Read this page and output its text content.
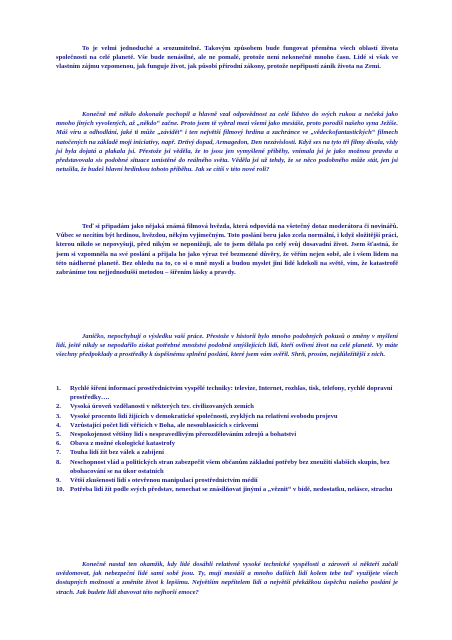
To je velmi jednoduché a srozumitelné. Takovým způsobem bude fungovat přeměna všech oblastí života společnosti na celé planetě. Vše bude nenásilné, ale ne pomalé, protože není nekonečně mnoho času. Lidé si však ve vlastním zájmu vzpomenou, jak funguje život, jak působí přírodní zákony, protože nepřipustí zánik života na Zemi.

Konečně mě někdo dokonale pochopil a hlavně vzal odpovědnost za celé lidstvo do svých rukou a nečeká jako mnoho jiných vyvolených, až „někdo“ začne. Proto jsem tě vybral mezi všemi jako mesiáše, proto porodíš našeho syna Ježíše. Máš víru a odhodlání, jaké ti může „závidět“ i ten největší filmový hrdina a zachránce ve „vědeckofantastických“ filmech natočených na základě mojí iniciativy, např. Drtivý dopad, Armagedon, Den nezávislosti. Když ses na tyto tři filmy dívala, vždy jsi byla dojatá a plakala jsi. Přestože jsi věděla, že to jsou jen vymyšlené příběhy, vnímala jsi je jako možnou pravdu a představovala sis podobné situace umístěné do reálného světa. Věděla jsi už tehdy, že se něco podobného může stát, jen jsi netušila, že budeš hlavní hrdinkou tohoto příběhu. Jak se cítíš v této nové roli?

Teď si připadám jako nějaká známá filmová hvězda, která odpovídá na všetečný dotaz moderátora či novinářů. Vůbec se necítím být hrdinou, hvězdou, někým vyjímečným. Toto poslání beru jako zcela normální, i když složitější práci, kterou nikdo se nepovyšuji, před nikým se neponižuji, ale to jsem dělala po celý svůj dosavadní život. Jsem šťastná, že jsem si vzpomněla na své poslání a přijala ho jako výraz tvé bezmezné důvěry, že věřím nejen sobě, ale i všem lidem na této nádherné planetě. Bez ohledu na to, co si o mně myslí a budou myslet jiní lidé kdekoli na světě, vím, že katastrofě zabráníme tou nejjednodušší metodou – šířením lásky a pravdy.

Janičko, nepochybují o výsledku vaší práce. Přestože v historii bylo mnoho podobných pokusů o změny v myšlení lidí, ještě nikdy se nepodařilo získat potřebné množství podobně smýšlejících lidí, kteří ovlivní život na celé planetě. Vy máte všechny předpoklady a prostředky k úspěšnému splnění poslání, které jsem vám svěřil. Shrň, prosím, nejdůležitější z nich.

1.	Rychlé šíření informací prostřednictvím vyspělé techniky: televize, Internet, rozhlas, tisk, telefony, rychlé dopravní prostředky….
2.	Vysoká úroveň vzdělanosti v některých tzv. civilizovaných zemích
3.	Vysoké procento lidí žijících v demokratické společnosti, zvyklých na relativní svobodu projevu
4.	Vzrůstající počet lidí věřících v Boha, ale nesoublasících s církvemi
5.	Nespokojenost většiny lidí s nespravedlivým přerozdělováním zdrojů a bohatství
6.	Obava z možné ekologické katastrofy
7.	Touha lidí žít bez válek a zabíjení
8.	Neschopnost vlád a politických stran zabezpečit všem občanům základní potřeby bez zneužití slabších skupin, bez obohacování se na úkor ostatních
9.	Větší zkušenosti lidí s otevřenou manipulací prostřednictvím médií
10. Potřeba lidí žít podle svých představ, nenechat se znásilňovat jinými a „věznit“ v bídě, nedostatku, nelásce, strachu

Konečně nastal ten okamžik, kdy lidé dosáhli relativně vysoké technické vyspělosti a zároveň si někteří začali uvědomovat, jak nebezpeční lidé sami sobě jsou. Ty, mují mesiáši a mnoho dalších lidí kolem tebe teď využijete všech dostupných možností a změníte život k lepšímu. Největším nepřítelem lidí a největší překážkou úspěchu našeho poslání je strach. Jak budete lidi zbavovat této nejhorší emoce?
